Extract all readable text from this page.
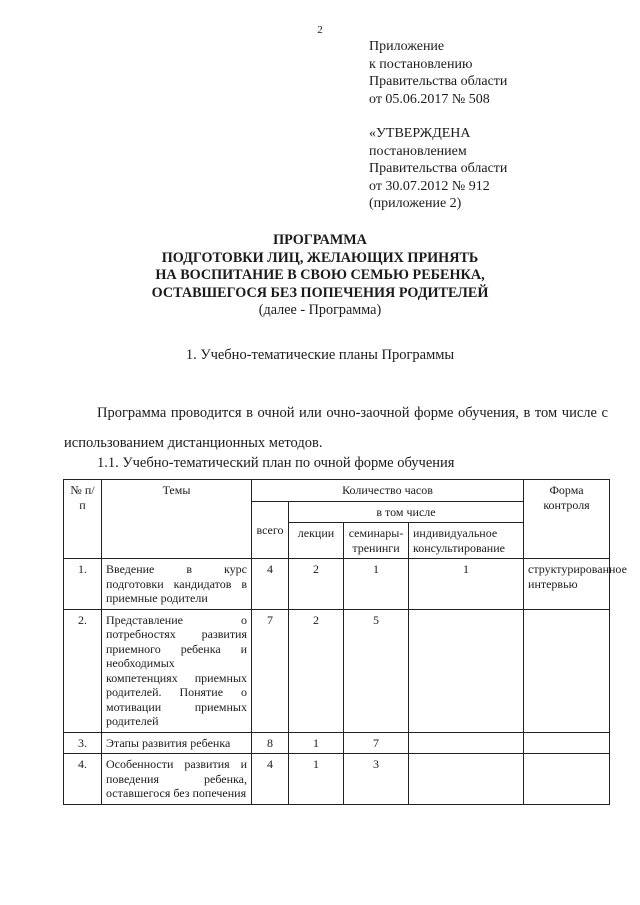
2
Приложение
к постановлению
Правительства области
от 05.06.2017 № 508
«УТВЕРЖДЕНА
постановлением
Правительства области
от 30.07.2012 № 912
(приложение 2)
ПРОГРАММА
ПОДГОТОВКИ ЛИЦ, ЖЕЛАЮЩИХ ПРИНЯТЬ
НА ВОСПИТАНИЕ В СВОЮ СЕМЬЮ РЕБЕНКА,
ОСТАВШЕГОСЯ БЕЗ ПОПЕЧЕНИЯ РОДИТЕЛЕЙ
(далее - Программа)
1. Учебно-тематические планы Программы
Программа проводится в очной или очно-заочной форме обучения, в том числе с использованием дистанционных методов.
1.1. Учебно-тематический план по очной форме обучения
№ п/п	Темы	Количество часов				Форма контроля
		всего	в том числе			
			лекции	семинары-тренинги	индивидуальное консультирование	
1.	Введение в курс подготовки кандидатов в приемные родители	4	2	1	1	структурированное интервью
2.	Представление о потребностях развития приемного ребенка и необходимых компетенциях приемных родителей. Понятие о мотивации приемных родителей	7	2	5		
3.	Этапы развития ребенка	8	1	7		
4.	Особенности развития и поведения ребенка, оставшегося без попечения	4	1	3		
